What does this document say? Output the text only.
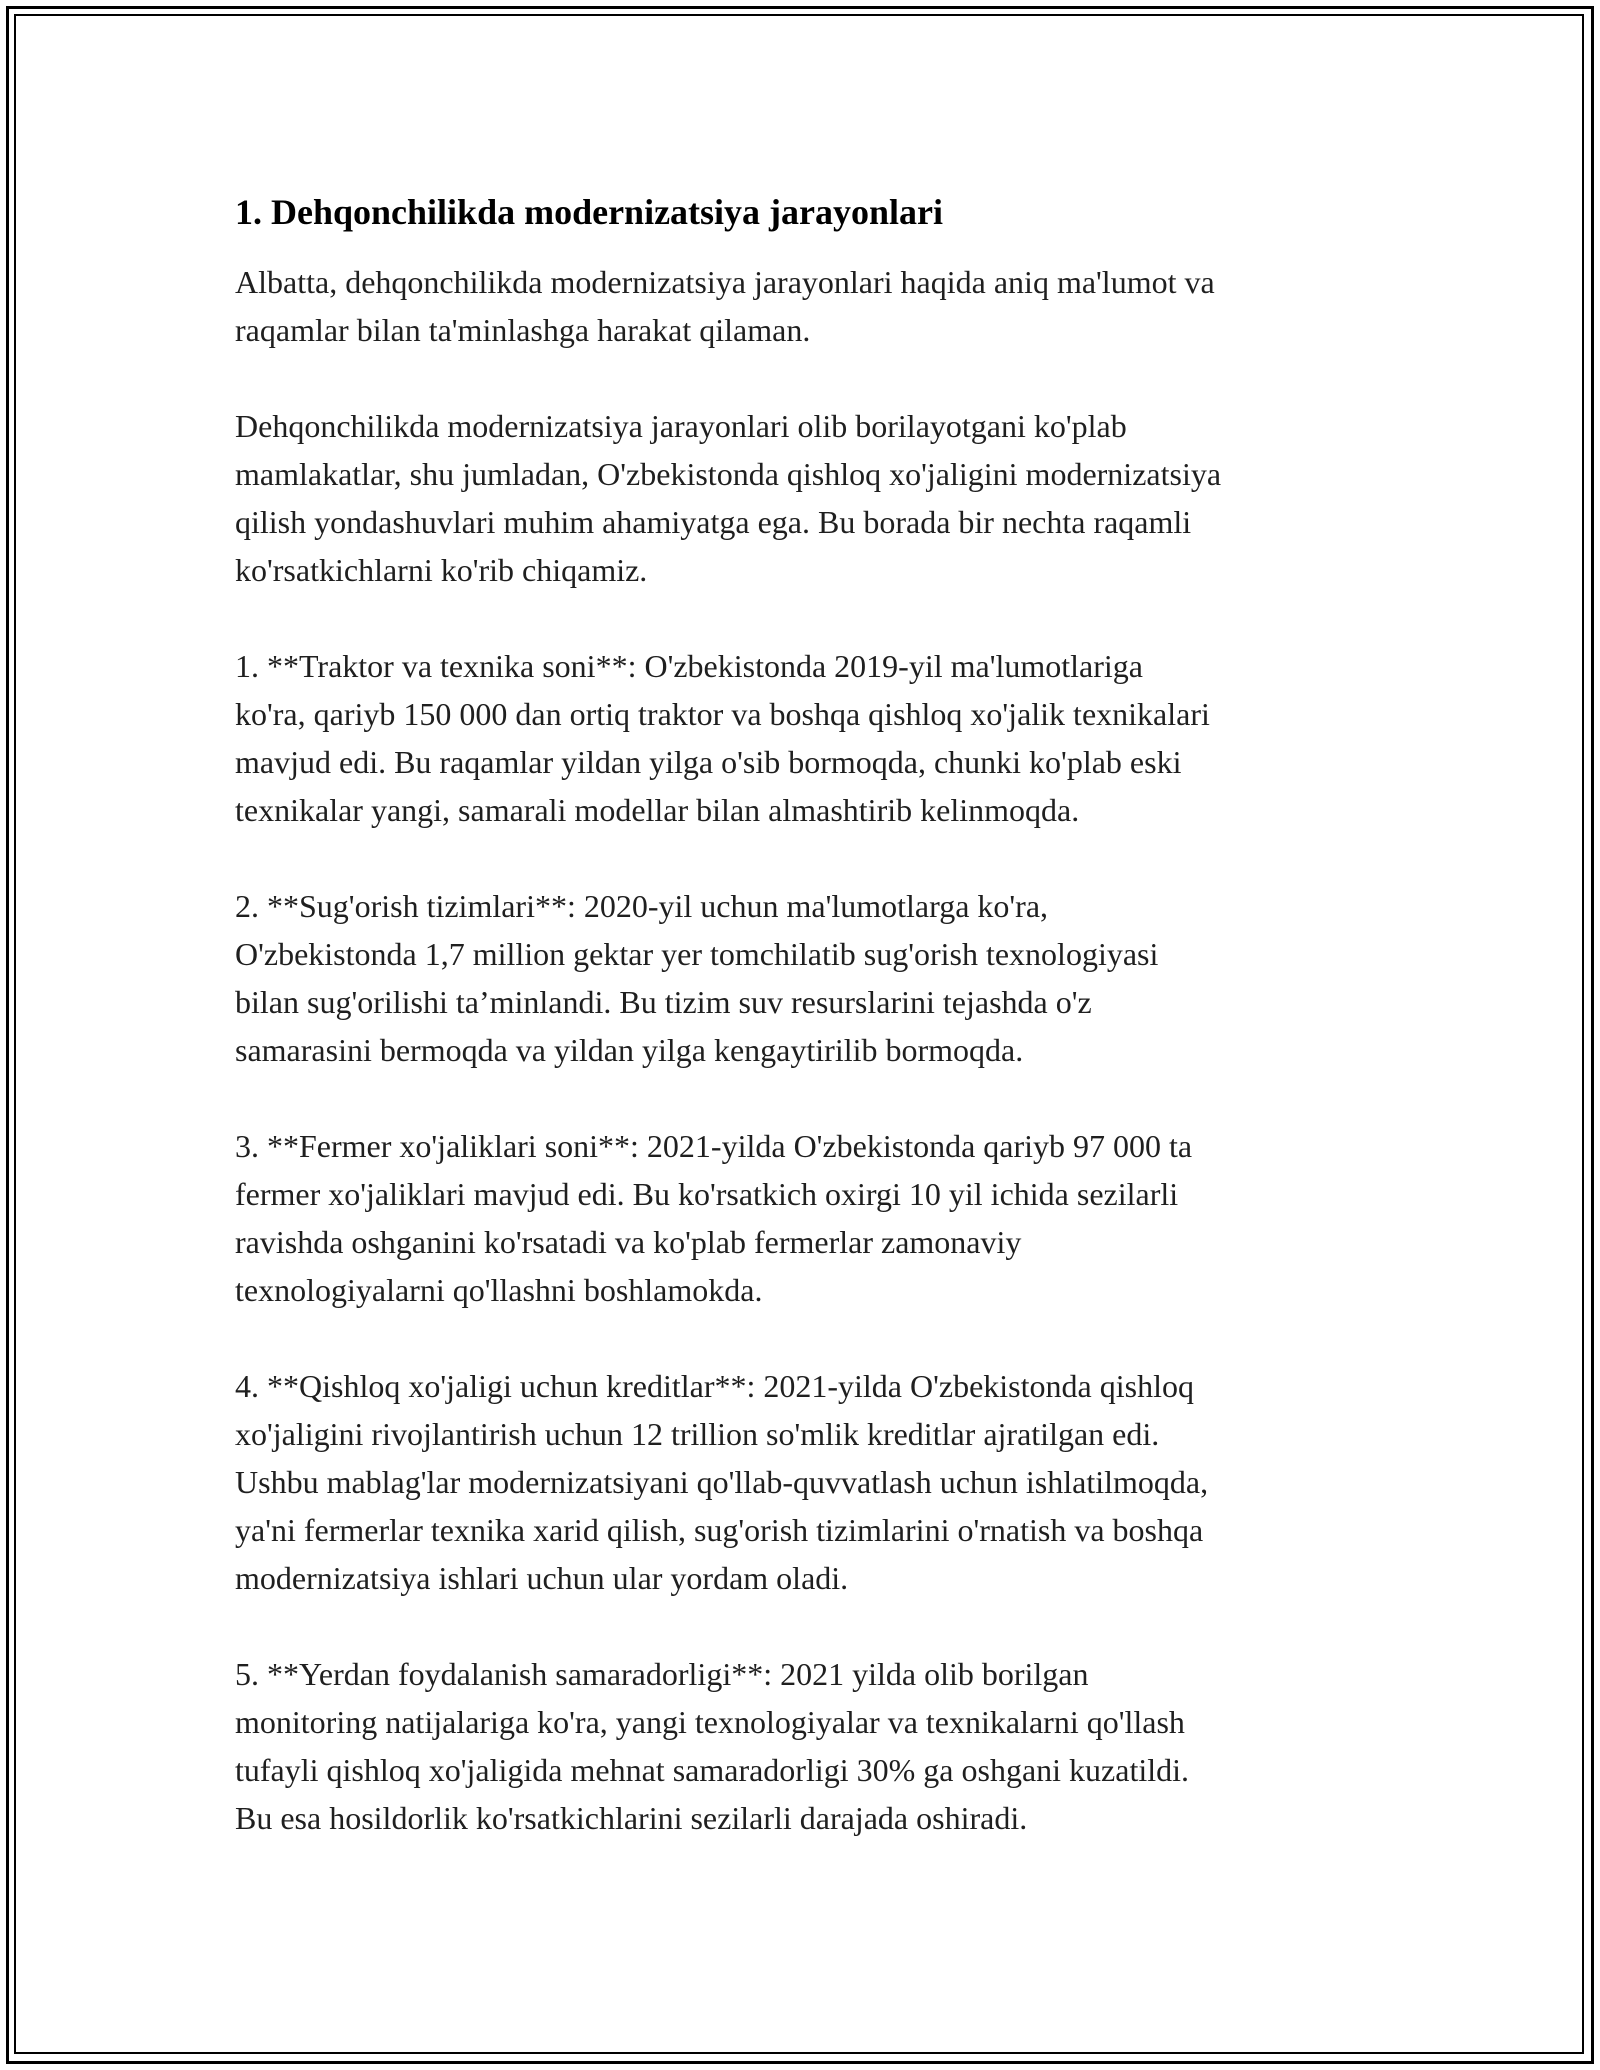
1. Dehqonchilikda modernizatsiya jarayonlari

Albatta, dehqonchilikda modernizatsiya jarayonlari haqida aniq ma'lumot va
raqamlar bilan ta'minlashga harakat qilaman.

Dehqonchilikda modernizatsiya jarayonlari olib borilayotgani ko'plab
mamlakatlar, shu jumladan, O'zbekistonda qishloq xo'jaligini modernizatsiya
qilish yondashuvlari muhim ahamiyatga ega. Bu borada bir nechta raqamli
ko'rsatkichlarni ko'rib chiqamiz.

1. **Traktor va texnika soni**: O'zbekistonda 2019-yil ma'lumotlariga
ko'ra, qariyb 150 000 dan ortiq traktor va boshqa qishloq xo'jalik texnikalari
mavjud edi. Bu raqamlar yildan yilga o'sib bormoqda, chunki ko'plab eski
texnikalar yangi, samarali modellar bilan almashtirib kelinmoqda.

2. **Sug'orish tizimlari**: 2020-yil uchun ma'lumotlarga ko'ra,
O'zbekistonda 1,7 million gektar yer tomchilatib sug'orish texnologiyasi
bilan sug'orilishi ta’minlandi. Bu tizim suv resurslarini tejashda o'z
samarasini bermoqda va yildan yilga kengaytirilib bormoqda.

3. **Fermer xo'jaliklari soni**: 2021-yilda O'zbekistonda qariyb 97 000 ta
fermer xo'jaliklari mavjud edi. Bu ko'rsatkich oxirgi 10 yil ichida sezilarli
ravishda oshganini ko'rsatadi va ko'plab fermerlar zamonaviy
texnologiyalarni qo'llashni boshlamokda.

4. **Qishloq xo'jaligi uchun kreditlar**: 2021-yilda O'zbekistonda qishloq
xo'jaligini rivojlantirish uchun 12 trillion so'mlik kreditlar ajratilgan edi.
Ushbu mablag'lar modernizatsiyani qo'llab-quvvatlash uchun ishlatilmoqda,
ya'ni fermerlar texnika xarid qilish, sug'orish tizimlarini o'rnatish va boshqa
modernizatsiya ishlari uchun ular yordam oladi.

5. **Yerdan foydalanish samaradorligi**: 2021 yilda olib borilgan
monitoring natijalariga ko'ra, yangi texnologiyalar va texnikalarni qo'llash
tufayli qishloq xo'jaligida mehnat samaradorligi 30% ga oshgani kuzatildi.
Bu esa hosildorlik ko'rsatkichlarini sezilarli darajada oshiradi.
